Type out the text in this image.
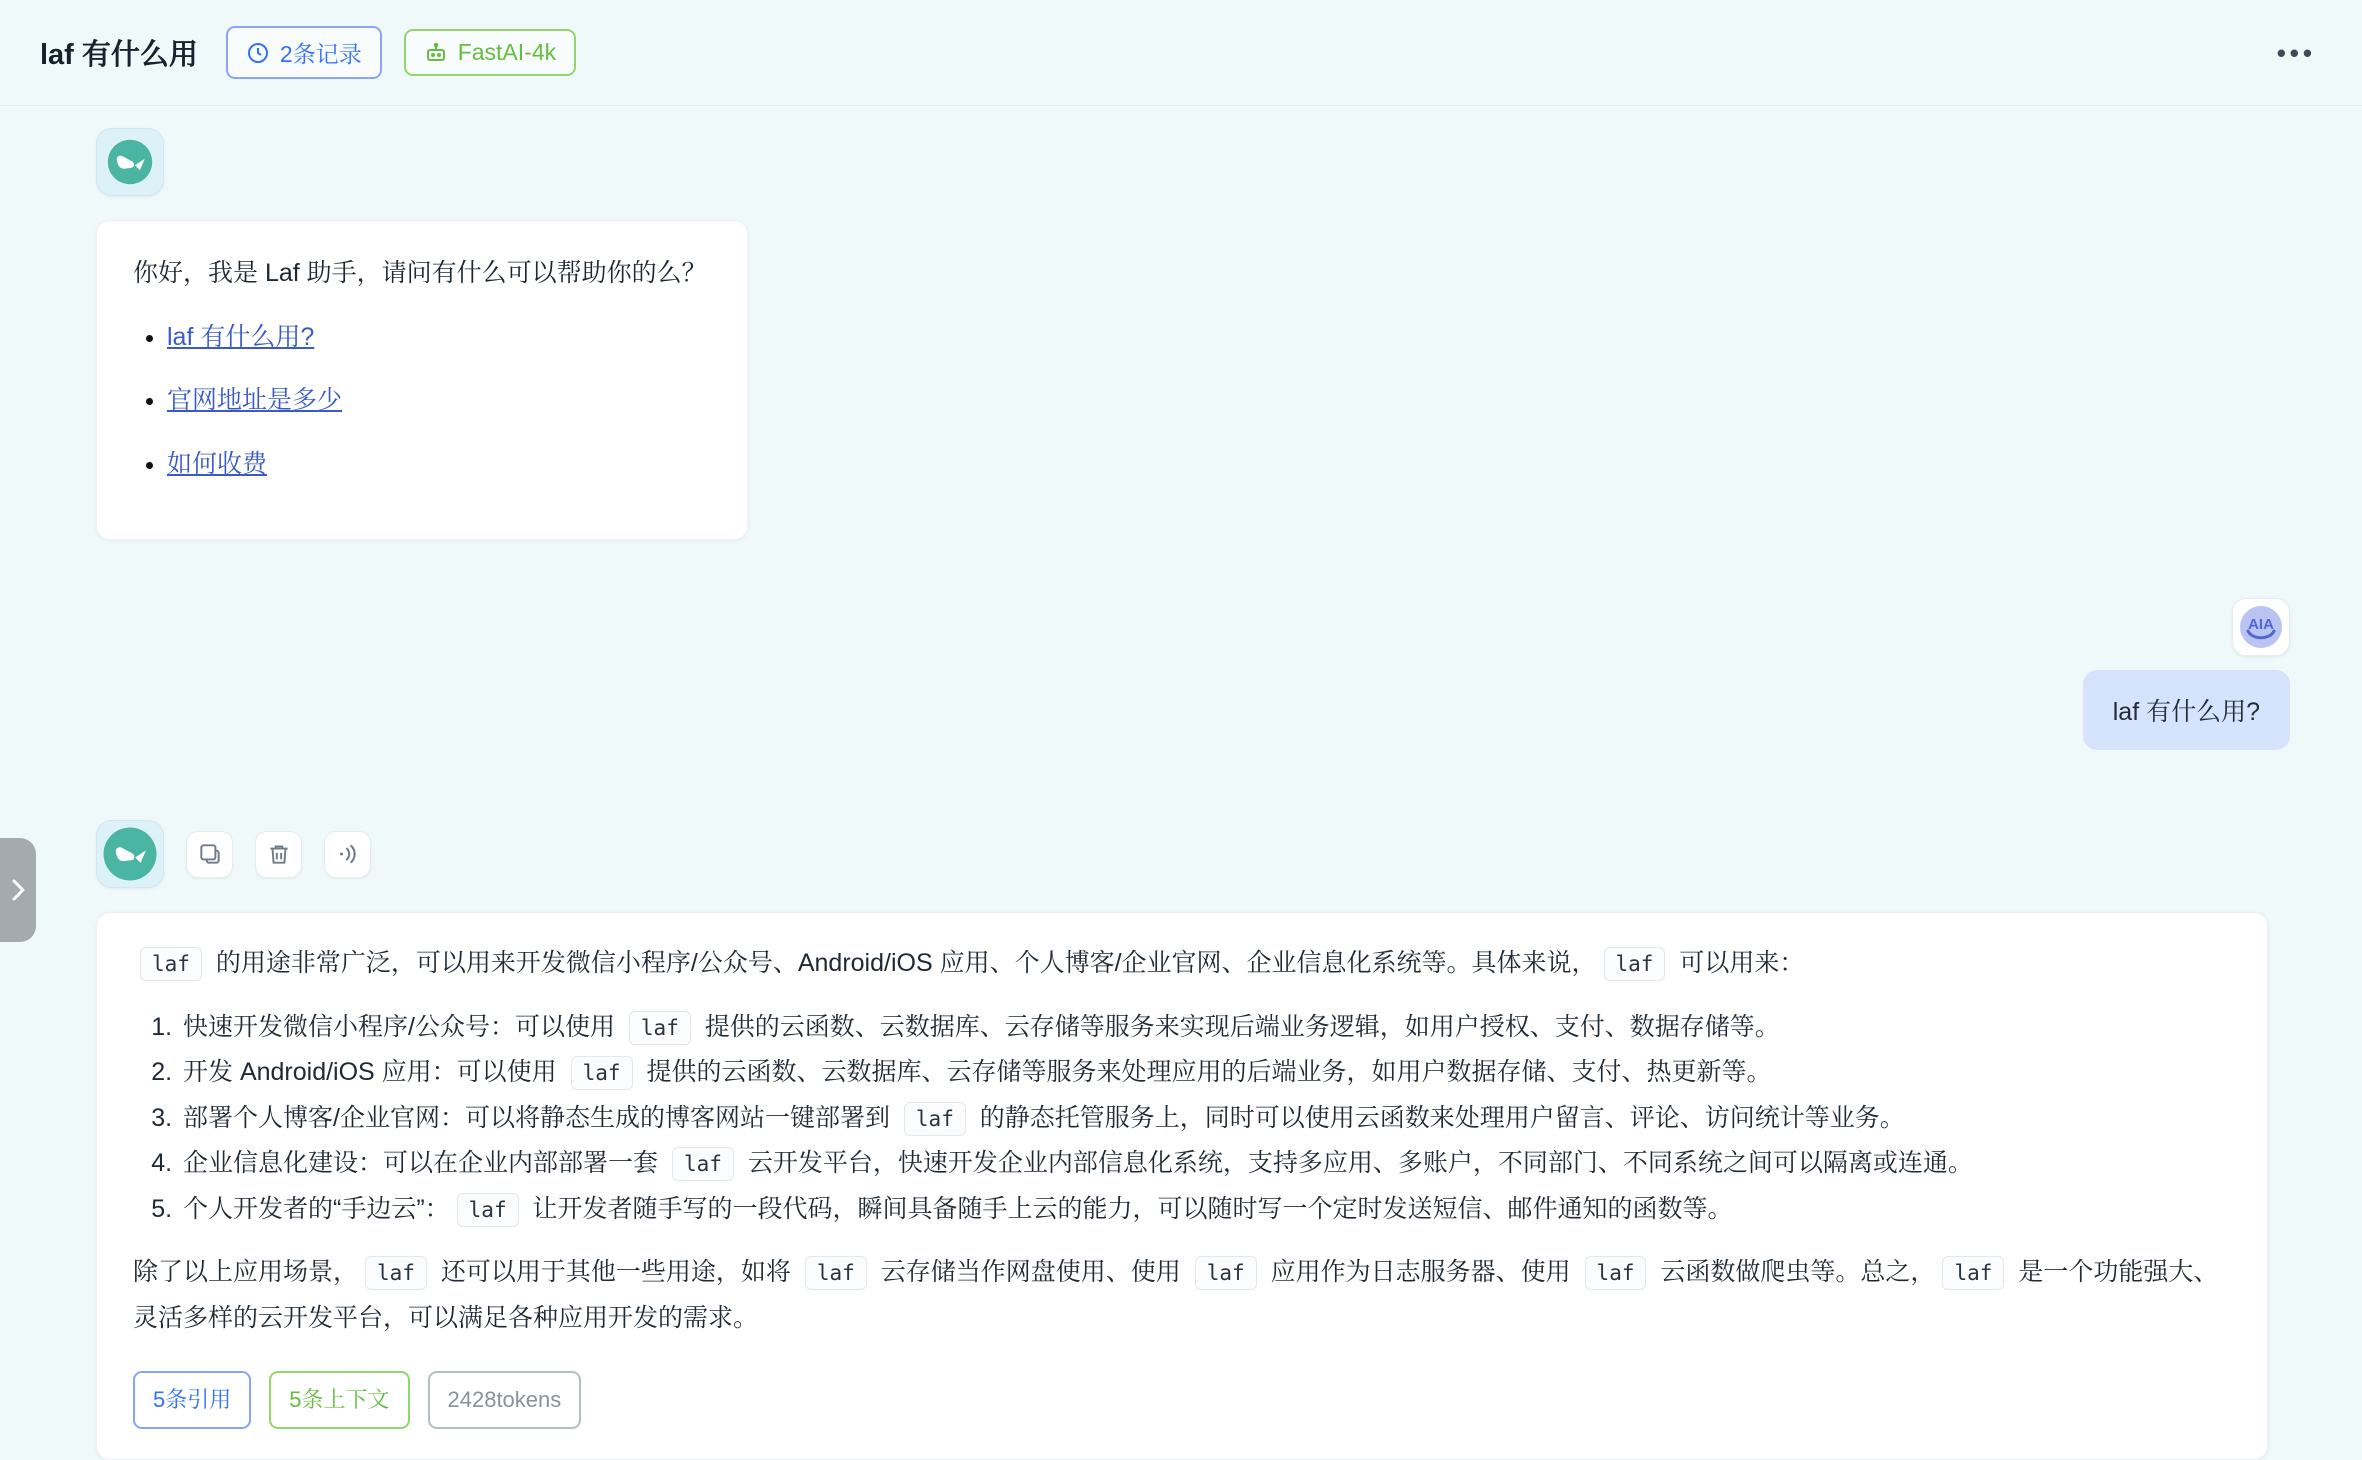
laf 有什么用	2条记录	FastAI-4k	•••
你好，我是 Laf 助手，请问有什么可以帮助你的么？
• laf 有什么用?
• 官网地址是多少
• 如何收费
AIA
laf 有什么用?

laf 的用途非常广泛，可以用来开发微信小程序/公众号、Android/iOS 应用、个人博客/企业官网、企业信息化系统等。具体来说， laf 可以用来：

1. 快速开发微信小程序/公众号：可以使用 laf 提供的云函数、云数据库、云存储等服务来实现后端业务逻辑，如用户授权、支付、数据存储等。
2. 开发 Android/iOS 应用：可以使用 laf 提供的云函数、云数据库、云存储等服务来处理应用的后端业务，如用户数据存储、支付、热更新等。
3. 部署个人博客/企业官网：可以将静态生成的博客网站一键部署到 laf 的静态托管服务上，同时可以使用云函数来处理用户留言、评论、访问统计等业务。
4. 企业信息化建设：可以在企业内部部署一套 laf 云开发平台，快速开发企业内部信息化系统，支持多应用、多账户，不同部门、不同系统之间可以隔离或连通。
5. 个人开发者的“手边云”： laf 让开发者随手写的一段代码，瞬间具备随手上云的能力，可以随时写一个定时发送短信、邮件通知的函数等。

除了以上应用场景， laf 还可以用于其他一些用途，如将 laf 云存储当作网盘使用、使用 laf 应用作为日志服务器、使用 laf 云函数做爬虫等。总之， laf 是一个功能强大、灵活多样的云开发平台，可以满足各种应用开发的需求。

5条引用	5条上下文	2428tokens
